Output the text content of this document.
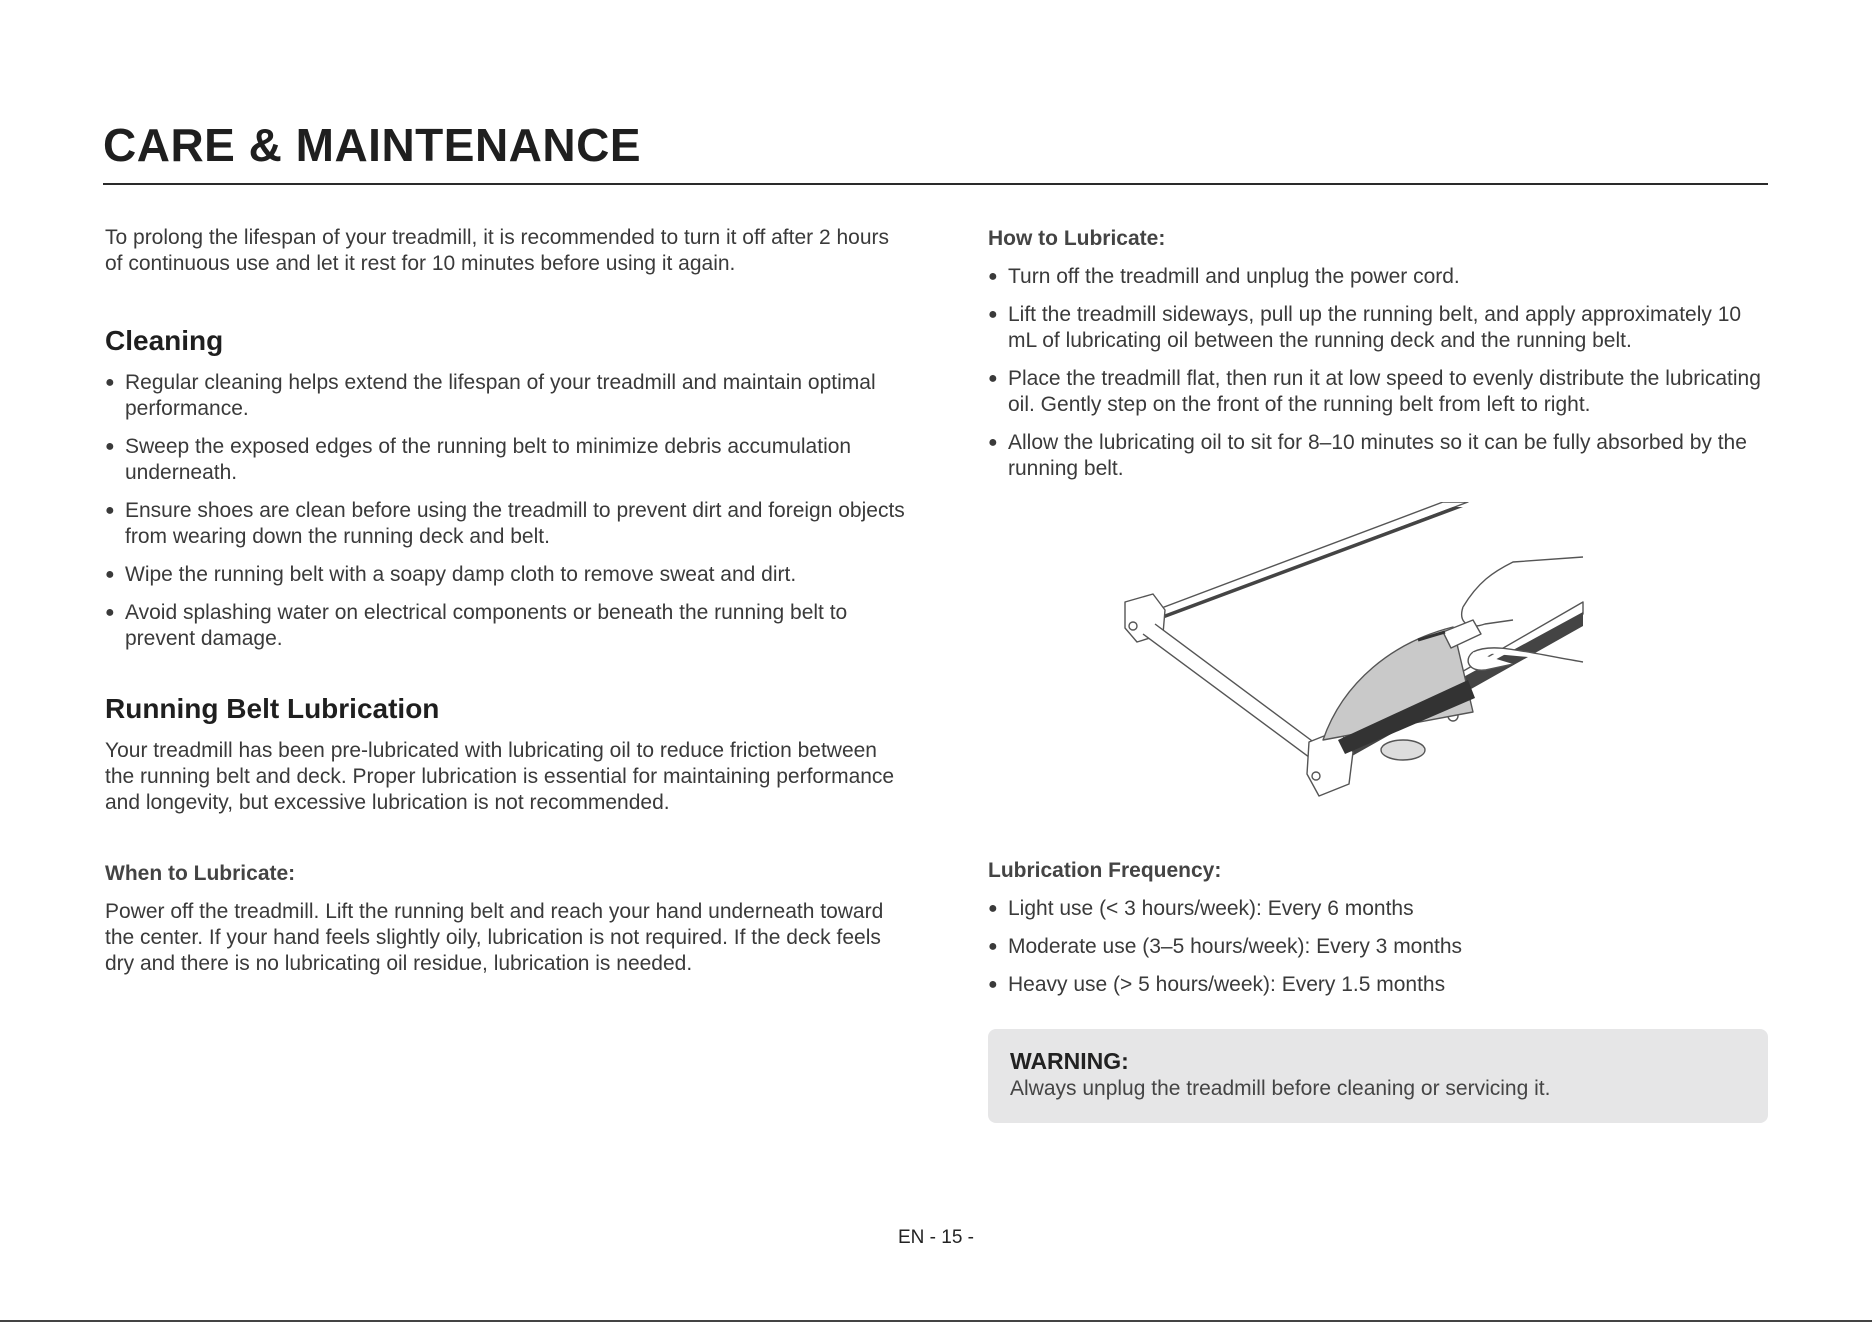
CARE & MAINTENANCE

To prolong the lifespan of your treadmill, it is recommended to turn it off after 2 hours of continuous use and let it rest for 10 minutes before using it again.

Cleaning
● Regular cleaning helps extend the lifespan of your treadmill and maintain optimal performance.
● Sweep the exposed edges of the running belt to minimize debris accumulation underneath.
● Ensure shoes are clean before using the treadmill to prevent dirt and foreign objects from wearing down the running deck and belt.
● Wipe the running belt with a soapy damp cloth to remove sweat and dirt.
● Avoid splashing water on electrical components or beneath the running belt to prevent damage.
Running Belt Lubrication

Your treadmill has been pre-lubricated with lubricating oil to reduce friction between the running belt and deck. Proper lubrication is essential for maintaining performance and longevity, but excessive lubrication is not recommended.

When to Lubricate:

Power off the treadmill. Lift the running belt and reach your hand underneath toward the center. If your hand feels slightly oily, lubrication is not required. If the deck feels dry and there is no lubricating oil residue, lubrication is needed.

How to Lubricate:
● Turn off the treadmill and unplug the power cord.
● Lift the treadmill sideways, pull up the running belt, and apply approximately 10 mL of lubricating oil between the running deck and the running belt.
● Place the treadmill flat, then run it at low speed to evenly distribute the lubricating oil. Gently step on the front of the running belt from left to right.
● Allow the lubricating oil to sit for 8–10 minutes so it can be fully absorbed by the running belt.
Lubrication Frequency:
● Light use (< 3 hours/week): Every 6 months
● Moderate use (3–5 hours/week): Every 3 months
● Heavy use (> 5 hours/week): Every 1.5 months
WARNING:
Always unplug the treadmill before cleaning or servicing it.
EN - 15 -
